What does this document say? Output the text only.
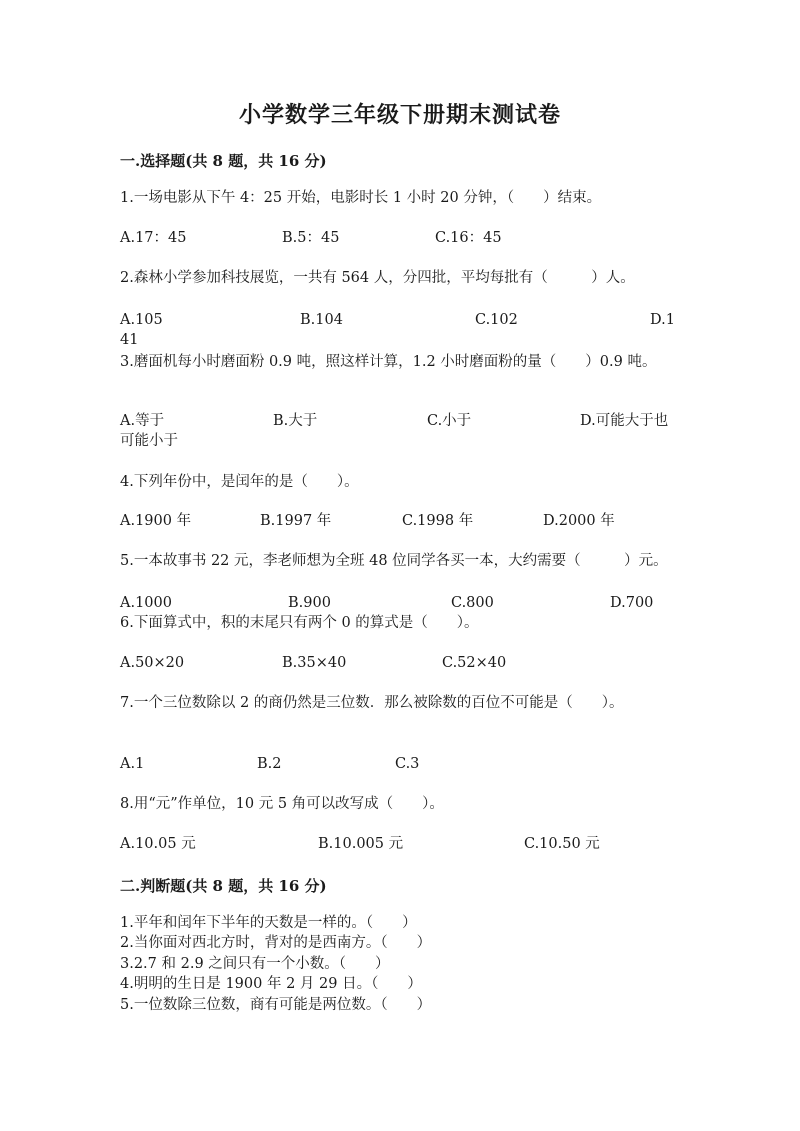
小学数学三年级下册期末测试卷
一.选择题(共 8 题，共 16 分)
1.一场电影从下午 4：25 开始，电影时长 1 小时 20 分钟，（　　）结束。
A.17：45	B.5：45	C.16：45
2.森林小学参加科技展览，一共有 564 人，分四批，平均每批有（　　　）人。
A.105	B.104	C.102	D.1
41
3.磨面机每小时磨面粉 0.9 吨，照这样计算，1.2 小时磨面粉的量（　　）0.9 吨。
A.等于	B.大于	C.小于	D.可能大于也
可能小于
4.下列年份中，是闰年的是（　　）。
A.1900 年	B.1997 年	C.1998 年	D.2000 年
5.一本故事书 22 元，李老师想为全班 48 位同学各买一本，大约需要（　　　）元。
A.1000	B.900	C.800	D.700
6.下面算式中，积的末尾只有两个 0 的算式是（　　）。
A.50×20	B.35×40	C.52×40
7.一个三位数除以 2 的商仍然是三位数．那么被除数的百位不可能是（　　）。
A.1	B.2	C.3
8.用“元”作单位，10 元 5 角可以改写成（　　）。
A.10.05 元	B.10.005 元	C.10.50 元
二.判断题(共 8 题，共 16 分)
1.平年和闰年下半年的天数是一样的。（　　）
2.当你面对西北方时，背对的是西南方。（　　）
3.2.7 和 2.9 之间只有一个小数。（　　）
4.明明的生日是 1900 年 2 月 29 日。（　　）
5.一位数除三位数，商有可能是两位数。（　　）
